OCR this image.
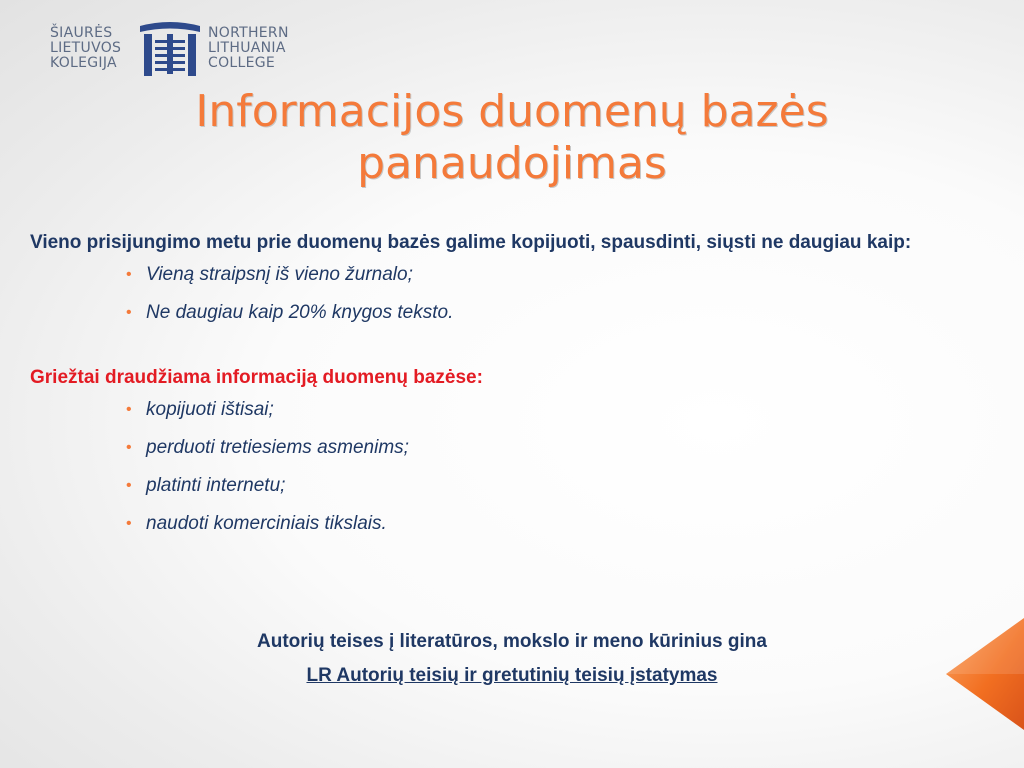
ŠIAURĖS
LIETUVOS
KOLEGIJA
NORTHERN
LITHUANIA
COLLEGE
Informacijos duomenų bazės
panaudojimas

Vieno prisijungimo metu prie duomenų bazės galime kopijuoti, spausdinti, siųsti ne daugiau kaip:

• Vieną straipsnį iš vieno žurnalo;
• Ne daugiau kaip 20% knygos teksto.

Griežtai draudžiama informaciją duomenų bazėse:

• kopijuoti ištisai;
• perduoti tretiesiems asmenims;
• platinti internetu;
• naudoti komerciniais tikslais.

Autorių teises į literatūros, mokslo ir meno kūrinius gina

LR Autorių teisių ir gretutinių teisių įstatymas
